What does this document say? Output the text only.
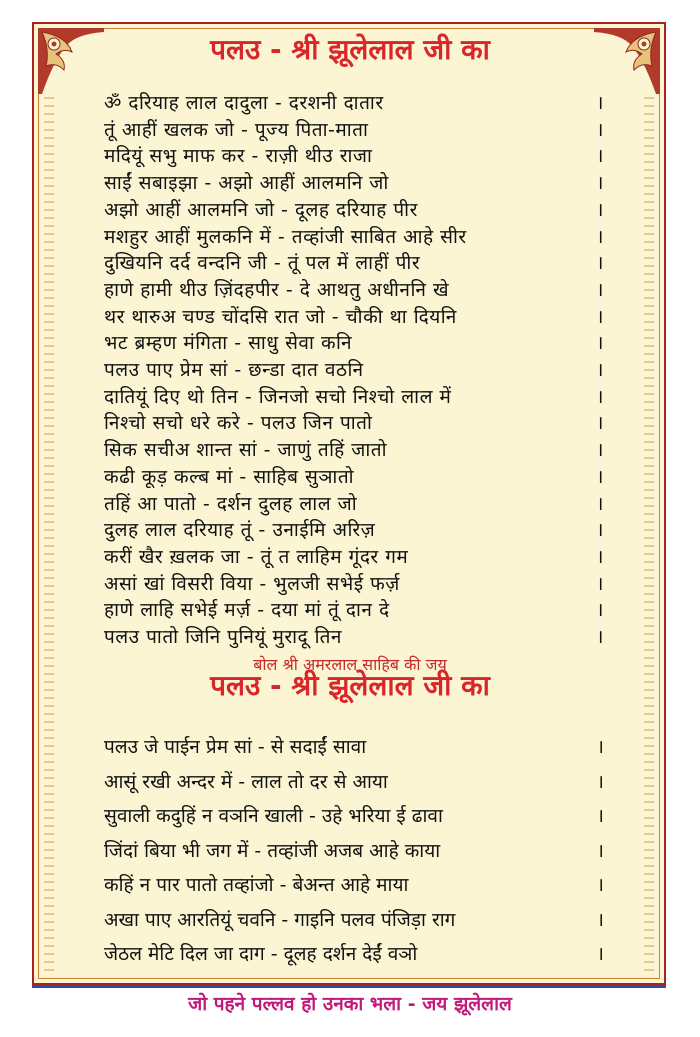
पलउ - श्री झूलेलाल जी का
ॐ दरियाह लाल दादुला - दरशनी दातार	।
तूं आहीं खलक जो - पूज्य पिता-माता	।
मदियूं सभु माफ कर - राज़ी थीउ राजा	।
साईं सबाइझा - अझो आहीं आलमनि जो	।
अझो आहीं आलमनि जो - दूलह दरियाह पीर	।
मशहुर आहीं मुलकनि में - तव्हांजी साबित आहे सीर	।
दुखियनि दर्द वन्दनि जी - तूं पल में लाहीं पीर	।
हाणे हामी थीउ ज़िंदहपीर - दे आथतु अधीननि खे	।
थर थारुअ चण्ड चोंदसि रात जो - चौकी था दियनि	।
भट ब्रम्हण मंगिता - साधु सेवा कनि	।
पलउ पाए प्रेम सां - छन्डा दात वठनि	।
दातियूं दिए थो तिन - जिनजो सचो निश्चो लाल में	।
निश्चो सचो धरे करे - पलउ जिन पातो	।
सिक सचीअ शान्त सां - जाणुं तहिं जातो	।
कढी कूड़ कल्ब मां - साहिब सुञातो	।
तहिं आ पातो - दर्शन दुलह लाल जो	।
दुलह लाल दरियाह तूं - उनाईमि अरिज़	।
करीं खैर ख़लक जा - तूं त लाहिम गूंदर गम	।
असां खां विसरी विया - भुलजी सभेई फर्ज़	।
हाणे लाहि सभेई मर्ज़ - दया मां तूं दान दे	।
पलउ पातो जिनि पुनियूं मुरादू तिन	।
बोल श्री अमरलाल साहिब की जय
पलउ - श्री झूलेलाल जी का
पलउ जे पाईन प्रेम सां - से सदाईं सावा	।
आसूं रखी अन्दर में - लाल तो दर से आया	।
सुवाली कदुहिं न वञनि खाली - उहे भरिया ई ढावा	।
जिंदां बिया भी जग में - तव्हांजी अजब आहे काया	।
कहिं न पार पातो तव्हांजो - बेअन्त आहे माया	।
अखा पाए आरतियूं चवनि - गाइनि पलव पंजिड़ा राग	।
जेठल मेटि दिल जा दाग - दूलह दर्शन देईं वञो	।
जो पहने पल्लव हो उनका भला - जय झूलेलाल
